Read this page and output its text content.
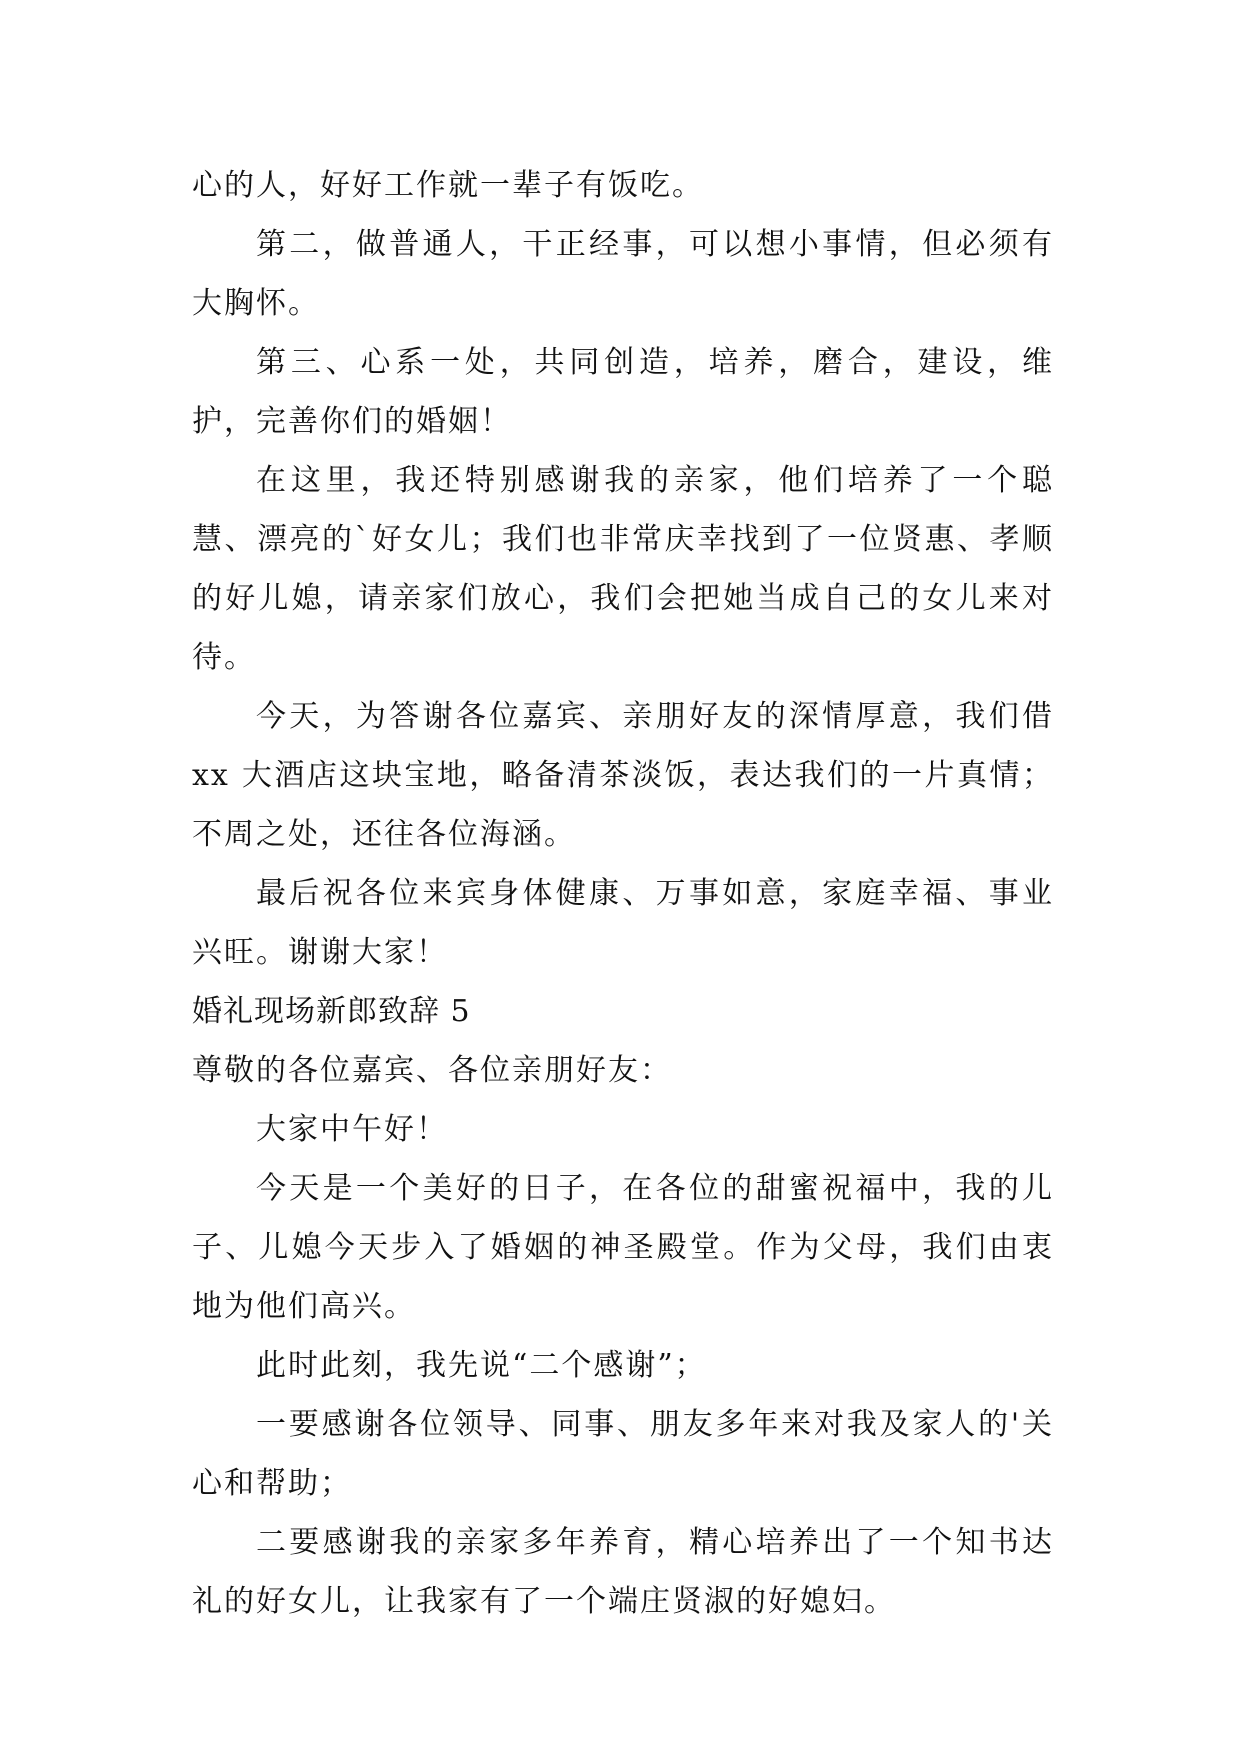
心的人，好好工作就一辈子有饭吃。

第二，做普通人，干正经事，可以想小事情，但必须有大胸怀。

第三、心系一处，共同创造，培养，磨合，建设，维护，完善你们的婚姻！

在这里，我还特别感谢我的亲家，他们培养了一个聪慧、漂亮的`好女儿；我们也非常庆幸找到了一位贤惠、孝顺的好儿媳，请亲家们放心，我们会把她当成自己的女儿来对待。

今天，为答谢各位嘉宾、亲朋好友的深情厚意，我们借 xx 大酒店这块宝地，略备清茶淡饭，表达我们的一片真情；不周之处，还往各位海涵。

最后祝各位来宾身体健康、万事如意，家庭幸福、事业兴旺。谢谢大家！

婚礼现场新郎致辞 5

尊敬的各位嘉宾、各位亲朋好友：

大家中午好！

今天是一个美好的日子，在各位的甜蜜祝福中，我的儿子、儿媳今天步入了婚姻的神圣殿堂。作为父母，我们由衷地为他们高兴。

此时此刻，我先说“二个感谢”；

一要感谢各位领导、同事、朋友多年来对我及家人的'关心和帮助；

二要感谢我的亲家多年养育，精心培养出了一个知书达礼的好女儿，让我家有了一个端庄贤淑的好媳妇。
